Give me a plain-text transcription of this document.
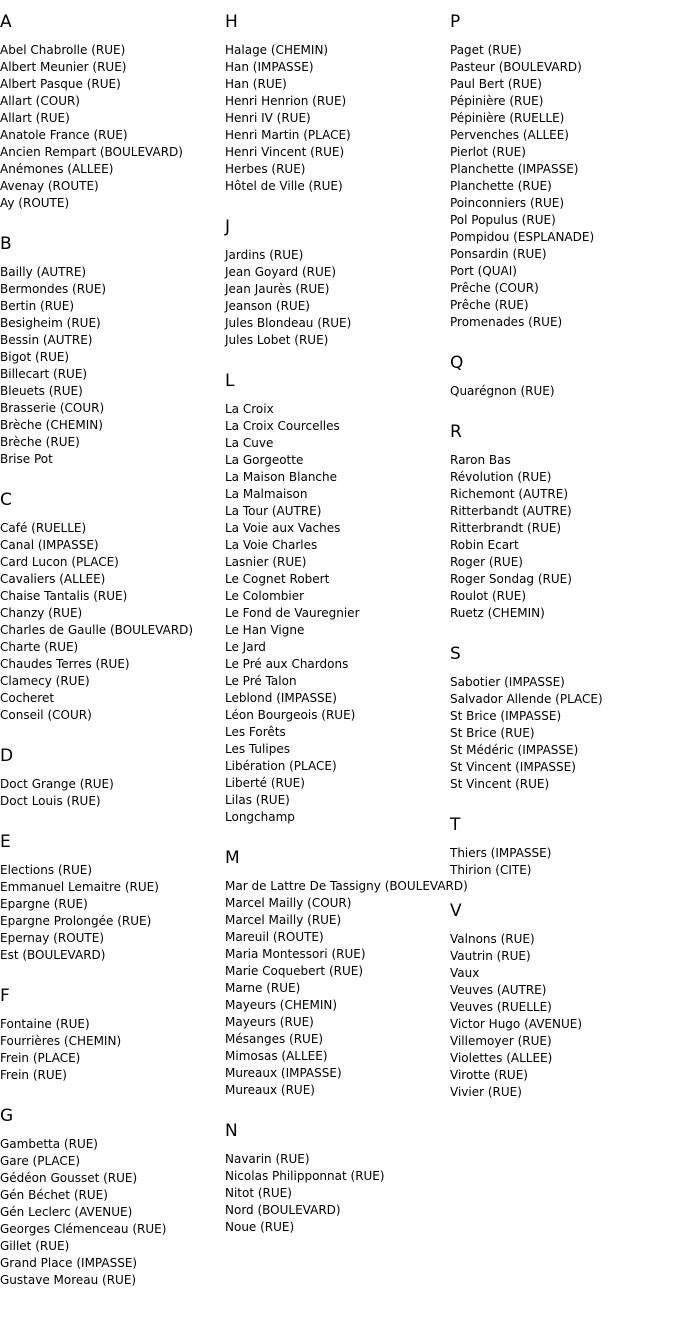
A
Abel Chabrolle (RUE)
Albert Meunier (RUE)
Albert Pasque (RUE)
Allart (COUR)
Allart (RUE)
Anatole France (RUE)
Ancien Rempart (BOULEVARD)
Anémones (ALLEE)
Avenay (ROUTE)
Ay (ROUTE)
B
Bailly (AUTRE)
Bermondes (RUE)
Bertin (RUE)
Besigheim (RUE)
Bessin (AUTRE)
Bigot (RUE)
Billecart (RUE)
Bleuets (RUE)
Brasserie (COUR)
Brèche (CHEMIN)
Brèche (RUE)
Brise Pot
C
Café (RUELLE)
Canal (IMPASSE)
Card Lucon (PLACE)
Cavaliers (ALLEE)
Chaise Tantalis (RUE)
Chanzy (RUE)
Charles de Gaulle (BOULEVARD)
Charte (RUE)
Chaudes Terres (RUE)
Clamecy (RUE)
Cocheret
Conseil (COUR)
D
Doct Grange (RUE)
Doct Louis (RUE)
E
Elections (RUE)
Emmanuel Lemaitre (RUE)
Epargne (RUE)
Epargne Prolongée (RUE)
Epernay (ROUTE)
Est (BOULEVARD)
F
Fontaine (RUE)
Fourrières (CHEMIN)
Frein (PLACE)
Frein (RUE)
G
Gambetta (RUE)
Gare (PLACE)
Gédéon Gousset (RUE)
Gén Béchet (RUE)
Gén Leclerc (AVENUE)
Georges Clémenceau (RUE)
Gillet (RUE)
Grand Place (IMPASSE)
Gustave Moreau (RUE)
H
Halage (CHEMIN)
Han (IMPASSE)
Han (RUE)
Henri Henrion (RUE)
Henri IV (RUE)
Henri Martin (PLACE)
Henri Vincent (RUE)
Herbes (RUE)
Hôtel de Ville (RUE)
J
Jardins (RUE)
Jean Goyard (RUE)
Jean Jaurès (RUE)
Jeanson (RUE)
Jules Blondeau (RUE)
Jules Lobet (RUE)
L
La Croix
La Croix Courcelles
La Cuve
La Gorgeotte
La Maison Blanche
La Malmaison
La Tour (AUTRE)
La Voie aux Vaches
La Voie Charles
Lasnier (RUE)
Le Cognet Robert
Le Colombier
Le Fond de Vauregnier
Le Han Vigne
Le Jard
Le Pré aux Chardons
Le Pré Talon
Leblond (IMPASSE)
Léon Bourgeois (RUE)
Les Forêts
Les Tulipes
Libération (PLACE)
Liberté (RUE)
Lilas (RUE)
Longchamp
M
Mar de Lattre De Tassigny (BOULEVARD)
Marcel Mailly (COUR)
Marcel Mailly (RUE)
Mareuil (ROUTE)
Maria Montessori (RUE)
Marie Coquebert (RUE)
Marne (RUE)
Mayeurs (CHEMIN)
Mayeurs (RUE)
Mésanges (RUE)
Mimosas (ALLEE)
Mureaux (IMPASSE)
Mureaux (RUE)
N
Navarin (RUE)
Nicolas Philipponnat (RUE)
Nitot (RUE)
Nord (BOULEVARD)
Noue (RUE)
P
Paget (RUE)
Pasteur (BOULEVARD)
Paul Bert (RUE)
Pépinière (RUE)
Pépinière (RUELLE)
Pervenches (ALLEE)
Pierlot (RUE)
Planchette (IMPASSE)
Planchette (RUE)
Poinconniers (RUE)
Pol Populus (RUE)
Pompidou (ESPLANADE)
Ponsardin (RUE)
Port (QUAI)
Prêche (COUR)
Prêche (RUE)
Promenades (RUE)
Q
Quarégnon (RUE)
R
Raron Bas
Révolution (RUE)
Richemont (AUTRE)
Ritterbandt (AUTRE)
Ritterbrandt (RUE)
Robin Ecart
Roger (RUE)
Roger Sondag (RUE)
Roulot (RUE)
Ruetz (CHEMIN)
S
Sabotier (IMPASSE)
Salvador Allende (PLACE)
St Brice (IMPASSE)
St Brice (RUE)
St Médéric (IMPASSE)
St Vincent (IMPASSE)
St Vincent (RUE)
T
Thiers (IMPASSE)
Thirion (CITE)
V
Valnons (RUE)
Vautrin (RUE)
Vaux
Veuves (AUTRE)
Veuves (RUELLE)
Victor Hugo (AVENUE)
Villemoyer (RUE)
Violettes (ALLEE)
Virotte (RUE)
Vivier (RUE)
